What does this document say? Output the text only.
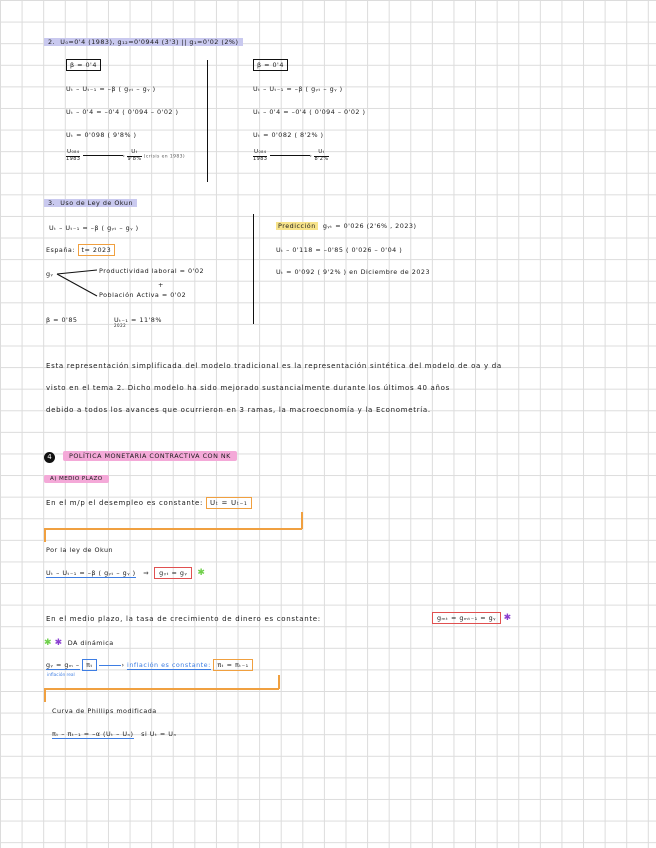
2. U₀=0'4 (1983), g₁₂=0'0944 (3'3) || g₁=0'02 (2%)
β = 0'4
Uₜ – Uₜ₋₁ = –β ( gᵧₜ – gᵧ )
Uₜ – 0'4 = –0'4 ( 0'094 – 0'02 )
Uₜ = 0'098 ( 9'8% )
$\frac{\text{U₀₈₄}}{1983}$	› $\frac{\text{Uₜ}}{9'8\%}$ (crisis en 1983)
β = 0'4
Uₜ – Uₜ₋₁ = –β ( gᵧₜ – gᵧ )
Uₜ – 0'4 = –0'4 ( 0'094 – 0'02 )
Uₜ = 0'082 ( 8'2% )
$\frac{\text{U₀₈₄}}{1983}$	› $\frac{\text{Uₜ}}{8'2\%}$
3. Uso de Ley de Okun
Uₜ – Uₜ₋₁ = –β ( gᵧₜ – gᵧ )
España: t= 2023
gᵧ	Productividad laboral = 0'02
+
Población Activa = 0'02
β = 0'85	Uₜ₋₁ = 11'8%
2022
Predicción gᵧₜ = 0'026 (2'6% , 2023)
Uₜ – 0'118 = –0'85 ( 0'026 – 0'04 )
Uₜ = 0'092 ( 9'2% ) en Diciembre de 2023
Esta representación simplificada del modelo tradicional es la representación sintética del modelo de oa y da
visto en el tema 2. Dicho modelo ha sido mejorado sustancialmente durante los últimos 40 años
debido a todos los avances que ocurrieron en 3 ramas, la macroeconomía y la Econometría.
4	POLÍTICA MONETARIA CONTRACTIVA CON NK
A) MEDIO PLAZO
En el m/p el desempleo es constante: Uₜ = Uₜ₋₁
Por la ley de Okun
Uₜ – Uₜ₋₁ = –β ( gᵧₜ – gᵧ ) ⇒ gᵧₜ = gᵧ ✱
En el medio plazo, la tasa de crecimiento de dinero es constante:	gₘₜ = gₘₜ₋₁ = gᵧ ✱
✱ ✱ DA dinámica
gᵧ = gₘ – πₜ	› inflación es constante: πₜ = πₜ₋₁
inflación real
Curva de Phillips modificada
πₜ – πₜ₋₁ = –α (Uₜ – Uₙ) si Uₜ = Uₙ
